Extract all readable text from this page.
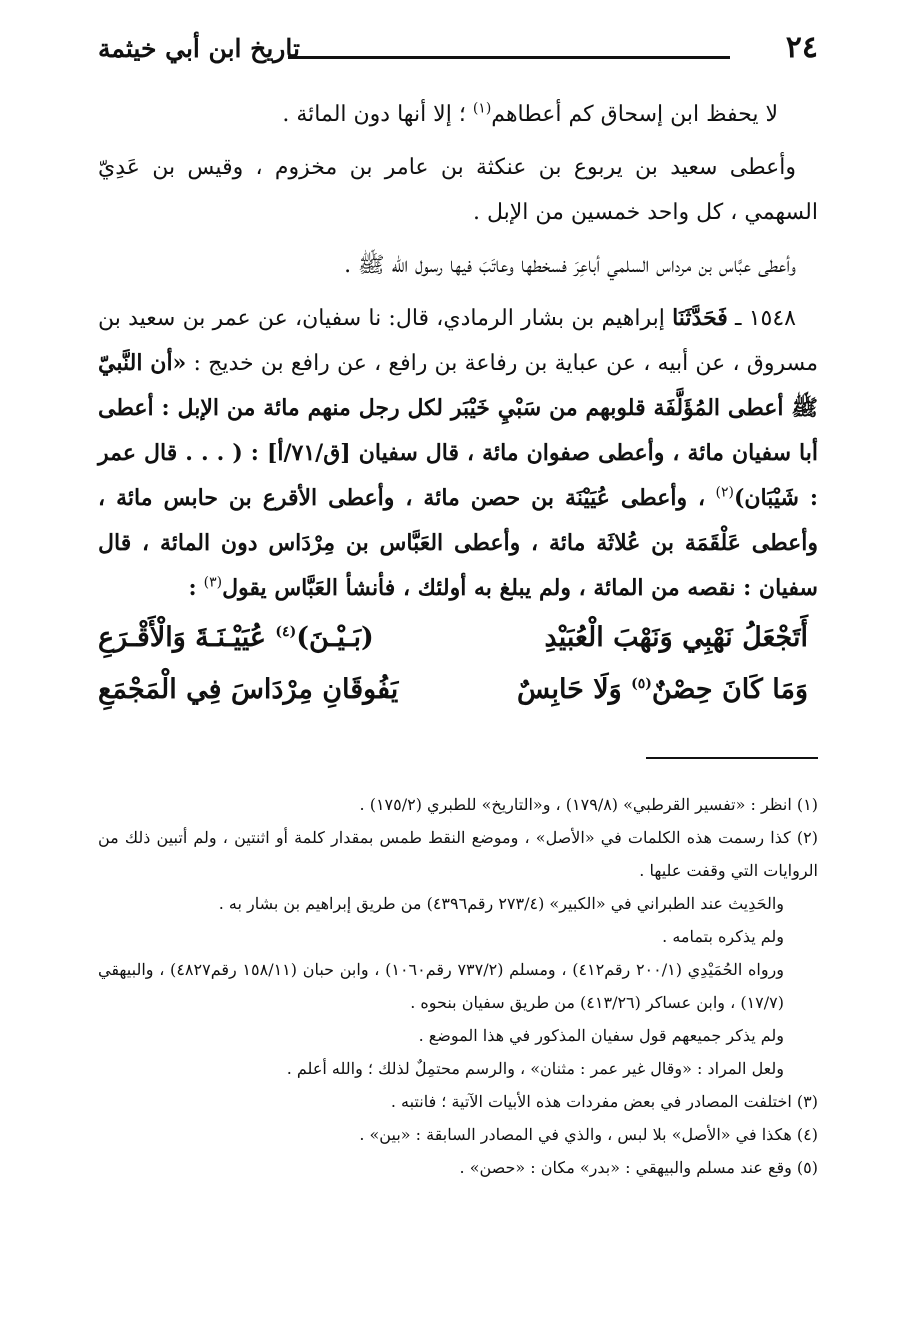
٢٤
تاريخ ابن أبي خيثمة

لا يحفظ ابن إسحاق كم أعطاهم$^{(١)}$ ؛ إلا أنها دون المائة .

وأعطى سعيد بن يربوع بن عنكثة بن عامر بن مخزوم ، وقيس بن عَدِيّ السهمي ، كل واحد خمسين من الإبل .

وأعطى عبَّاس بن مرداس السلمي أباعِرَ فسخطها وعاتَبَ فيها رسول الله ﷺ .

١٥٤٨ ـ فَحَدَّثَنَا إبراهيم بن بشار الرمادي، قال: نا سفيان، عن عمر بن سعيد بن مسروق ، عن أبيه ، عن عباية بن رفاعة بن رافع ، عن رافع بن خديج : «أن النَّبيّ ﷺ أعطى المُؤَلَّفَة قلوبهم من سَبْيِ خَيْبَر لكل رجل منهم مائة من الإبل : أعطى أبا سفيان مائة ، وأعطى صفوان مائة ، قال سفيان [ق/٧١/أ] : ( . . . قال عمر : شَيْبَان)$^{(٢)}$ ، وأعطى عُيَيْنَة بن حصن مائة ، وأعطى الأقرع بن حابس مائة ، وأعطى عَلْقَمَة بن عُلاثَة مائة ، وأعطى العَبَّاس بن مِرْدَاس دون المائة ، قال سفيان : نقصه من المائة ، ولم يبلغ به أولئك ، فأنشأ العَبَّاس يقول$^{(٣)}$ :

أَتَجْعَلُ نَهْبِي وَنَهْبَ الْعُبَيْدِ
(بَـيْـنَ)$^{(٤)}$ عُيَيْـنَـةَ وَالْأَقْـرَعِ
وَمَا كَانَ حِصْنٌ$^{(٥)}$ وَلَا حَابِسٌ
يَفُوقَانِ مِرْدَاسَ فِي الْمَجْمَعِ

(١) انظر : «تفسير القرطبي» (١٧٩/٨) ، و«التاريخ» للطبري (١٧٥/٢) .

(٢) كذا رسمت هذه الكلمات في «الأصل» ، وموضع النقط طمس بمقدار كلمة أو اثنتين ، ولم أتبين ذلك من الروايات التي وقفت عليها .

والحَدِيث عند الطبراني في «الكبير» (٢٧٣/٤ رقم٤٣٩٦) من طريق إبراهيم بن بشار به .

ولم يذكره بتمامه .

ورواه الحُمَيْدِي (٢٠٠/١ رقم٤١٢) ، ومسلم (٧٣٧/٢ رقم١٠٦٠) ، وابن حبان (١٥٨/١١ رقم٤٨٢٧) ، والبيهقي (١٧/٧) ، وابن عساكر (٤١٣/٢٦) من طريق سفيان بنحوه .

ولم يذكر جميعهم قول سفيان المذكور في هذا الموضع .

ولعل المراد : «وقال غير عمر : مثنان» ، والرسم محتمِلٌ لذلك ؛ والله أعلم .

(٣) اختلفت المصادر في بعض مفردات هذه الأبيات الآتية ؛ فانتبه .

(٤) هكذا في «الأصل» بلا لبس ، والذي في المصادر السابقة : «بين» .

(٥) وقع عند مسلم والبيهقي : «بدر» مكان : «حصن» .
